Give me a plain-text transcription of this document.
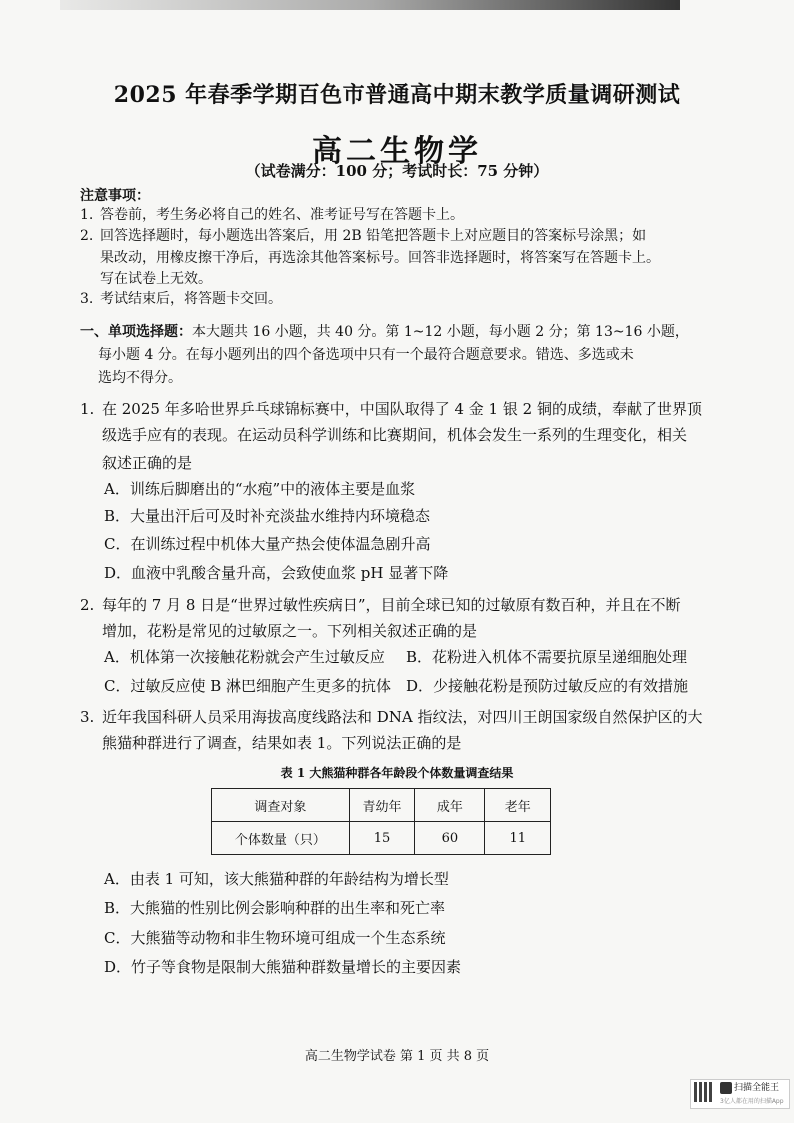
2025 年春季学期百色市普通高中期末教学质量调研测试
高二生物学
（试卷满分：100 分；考试时长：75 分钟）
注意事项：
1. 答卷前，考生务必将自己的姓名、准考证号写在答题卡上。
2. 回答选择题时，每小题选出答案后，用 2B 铅笔把答题卡上对应题目的答案标号涂黑；如
果改动，用橡皮擦干净后，再选涂其他答案标号。回答非选择题时，将答案写在答题卡上。
写在试卷上无效。
3. 考试结束后，将答题卡交回。
一、单项选择题：本大题共 16 小题，共 40 分。第 1~12 小题，每小题 2 分；第 13~16 小题，
每小题 4 分。在每小题列出的四个备选项中只有一个最符合题意要求。错选、多选或未
选均不得分。
1. 在 2025 年多哈世界乒乓球锦标赛中，中国队取得了 4 金 1 银 2 铜的成绩，奉献了世界顶
级选手应有的表现。在运动员科学训练和比赛期间，机体会发生一系列的生理变化，相关
叙述正确的是
A．训练后脚磨出的“水疱”中的液体主要是血浆
B．大量出汗后可及时补充淡盐水维持内环境稳态
C．在训练过程中机体大量产热会使体温急剧升高
D．血液中乳酸含量升高，会致使血浆 pH 显著下降
2. 每年的 7 月 8 日是“世界过敏性疾病日”，目前全球已知的过敏原有数百种，并且在不断
增加，花粉是常见的过敏原之一。下列相关叙述正确的是
A．机体第一次接触花粉就会产生过敏反应 B．花粉进入机体不需要抗原呈递细胞处理
C．过敏反应使 B 淋巴细胞产生更多的抗体 D．少接触花粉是预防过敏反应的有效措施
3. 近年我国科研人员采用海拔高度线路法和 DNA 指纹法，对四川王朗国家级自然保护区的大
熊猫种群进行了调查，结果如表 1。下列说法正确的是
表 1 大熊猫种群各年龄段个体数量调查结果
调查对象	青幼年	成年	老年
个体数量（只）	15	60	11
A．由表 1 可知，该大熊猫种群的年龄结构为增长型
B．大熊猫的性别比例会影响种群的出生率和死亡率
C．大熊猫等动物和非生物环境可组成一个生态系统
D．竹子等食物是限制大熊猫种群数量增长的主要因素
高二生物学试卷 第 1 页 共 8 页
扫描全能王
3亿人都在用的扫描App
